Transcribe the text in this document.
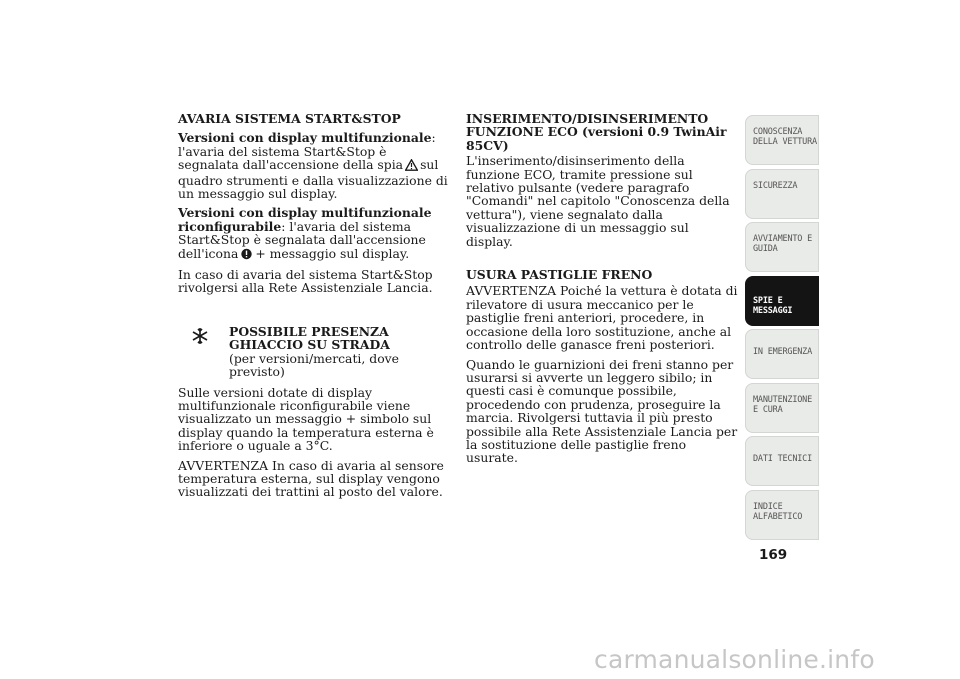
AVARIA SISTEMA START&STOP

Versioni con display multifunzionale: l'avaria del sistema Start&Stop è segnalata dall'accensione della spia sul quadro strumenti e dalla visualizzazione di un messaggio sul display.

Versioni con display multifunzionale riconfigurabile: l'avaria del sistema Start&Stop è segnalata dall'accensione dell'icona + messaggio sul display.

In caso di avaria del sistema Start&Stop rivolgersi alla Rete Assistenziale Lancia.

POSSIBILE PRESENZA GHIACCIO SU STRADA

(per versioni/mercati, dove previsto)

Sulle versioni dotate di display multifunzionale riconfigurabile viene visualizzato un messaggio + simbolo sul display quando la temperatura esterna è inferiore o uguale a 3°C.

AVVERTENZA In caso di avaria al sensore temperatura esterna, sul display vengono visualizzati dei trattini al posto del valore.

INSERIMENTO/DISINSERIMENTO FUNZIONE ECO (versioni 0.9 TwinAir 85CV)

L'inserimento/disinserimento della funzione ECO, tramite pressione sul relativo pulsante (vedere paragrafo "Comandi" nel capitolo "Conoscenza della vettura"), viene segnalato dalla visualizzazione di un messaggio sul display.

USURA PASTIGLIE FRENO

AVVERTENZA Poiché la vettura è dotata di rilevatore di usura meccanico per le pastiglie freni anteriori, procedere, in occasione della loro sostituzione, anche al controllo delle ganasce freni posteriori.

Quando le guarnizioni dei freni stanno per usurarsi si avverte un leggero sibilo; in questi casi è comunque possibile, procedendo con prudenza, proseguire la marcia. Rivolgersi tuttavia il più presto possibile alla Rete Assistenziale Lancia per la sostituzione delle pastiglie freno usurate.

CONOSCENZA DELLA VETTURA
SICUREZZA
AVVIAMENTO E GUIDA
SPIE E MESSAGGI
IN EMERGENZA
MANUTENZIONE E CURA
DATI TECNICI
INDICE ALFABETICO
169
carmanualsonline.info
